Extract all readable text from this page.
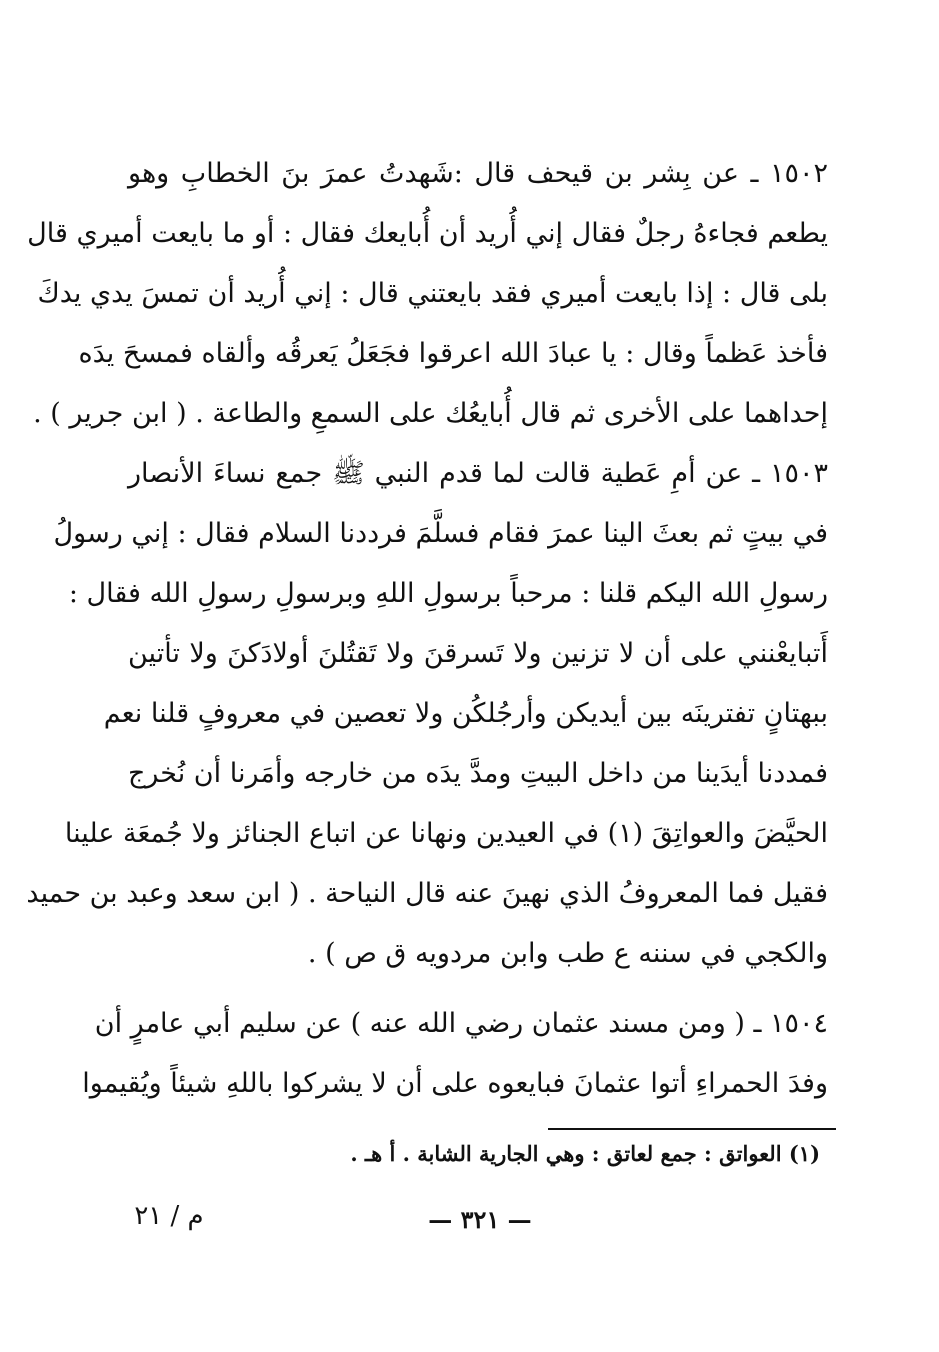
١٥٠٢ ـ عن بِشر بن قيحف قال :شَهدتُ عمرَ بنَ الخطابِ وهو
يطعم فجاءهُ رجلٌ فقال إني أُريد أن أُبايعك فقال : أو ما بايعت أميري قال
بلى قال : إذا بايعت أميري فقد بايعتني قال : إني أُريد أن تمسَ يدي يدكَ
فأخذ عَظماً وقال : يا عبادَ الله اعرقوا فجَعَلُ يَعرقُه وألقاه فمسحَ يدَه
إحداهما على الأخرى ثم قال أُبايعُك على السمعِ والطاعة . ( ابن جرير ) .
١٥٠٣ ـ عن أمِ عَطية قالت لما قدم النبي ﷺ جمع نساءَ الأنصار
في بيتٍ ثم بعثَ الينا عمرَ فقام فسلَّمَ فرددنا السلام فقال : إني رسولُ
رسولِ الله اليكم قلنا : مرحباً برسولِ اللهِ وبرسولِ رسولِ الله فقال :
أَتبايعْنني على أن لا تزنين ولا تَسرقنَ ولا تَقتُلنَ أولادَكنَ ولا تأتين
ببهتانٍ تفترينَه بين أيديكن وأرجُلكُن ولا تعصين في معروفٍ قلنا نعم
فمددنا أيدَينا من داخل البيتِ ومدَّ يدَه من خارجه وأمَرنا أن نُخرج
الحيَّضَ والعواتِقَ (١) في العيدين ونهانا عن اتباع الجنائز ولا جُمعَة علينا
فقيل فما المعروفُ الذي نهينَ عنه قال النياحة . ( ابن سعد وعبد بن حميد
والكجي في سننه ع طب وابن مردويه ق ص ) .
١٥٠٤ ـ ( ومن مسند عثمان رضي الله عنه ) عن سليم أبي عامرٍ أن
وفدَ الحمراءِ أتوا عثمانَ فبايعوه على أن لا يشركوا باللهِ شيئاً ويُقيموا
(١) العواتق : جمع لعاتق : وهي الجارية الشابة . أ هـ .
— ٣٢١ —
م / ٢١
